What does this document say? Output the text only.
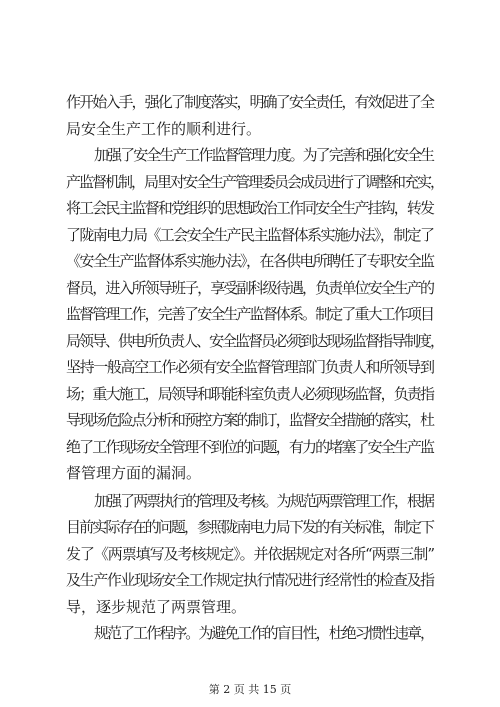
作开始入手，强化了制度落实，明确了安全责任，有效促进了全
局安全生产工作的顺利进行。
加强了安全生产工作监督管理力度。为了完善和强化安全生
产监督机制，局里对安全生产管理委员会成员进行了调整和充实，
将工会民主监督和党组织的思想政治工作同安全生产挂钩，转发
了陇南电力局《工会安全生产民主监督体系实施办法》，制定了
《安全生产监督体系实施办法》，在各供电所聘任了专职安全监
督员，进入所领导班子，享受副科级待遇，负责单位安全生产的
监督管理工作，完善了安全生产监督体系。制定了重大工作项目
局领导、供电所负责人、安全监督员必须到达现场监督指导制度，
坚持一般高空工作必须有安全监督管理部门负责人和所领导到
场；重大施工，局领导和职能科室负责人必须现场监督，负责指
导现场危险点分析和预控方案的制订，监督安全措施的落实，杜
绝了工作现场安全管理不到位的问题，有力的堵塞了安全生产监
督管理方面的漏洞。
加强了两票执行的管理及考核。为规范两票管理工作，根据
目前实际存在的问题，参照陇南电力局下发的有关标准，制定下
发了《两票填写及考核规定》。并依据规定对各所“两票三制”
及生产作业现场安全工作规定执行情况进行经常性的检查及指
导，逐步规范了两票管理。
规范了工作程序。为避免工作的盲目性，杜绝习惯性违章，
第 2 页 共 15 页
